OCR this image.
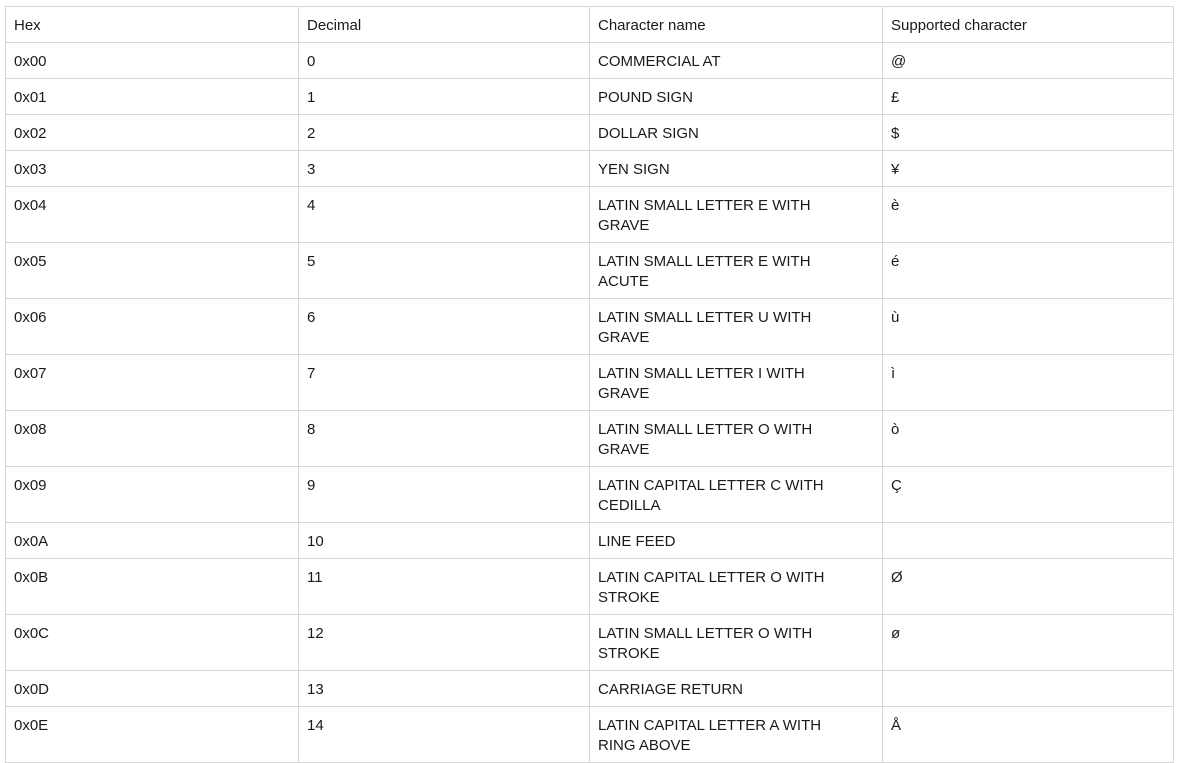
Hex	Decimal	Character name	Supported character
0x00	0	COMMERCIAL AT	@
0x01	1	POUND SIGN	£
0x02	2	DOLLAR SIGN	$
0x03	3	YEN SIGN	¥
0x04	4	LATIN SMALL LETTER E WITH GRAVE	è
0x05	5	LATIN SMALL LETTER E WITH ACUTE	é
0x06	6	LATIN SMALL LETTER U WITH GRAVE	ù
0x07	7	LATIN SMALL LETTER I WITH GRAVE	ì
0x08	8	LATIN SMALL LETTER O WITH GRAVE	ò
0x09	9	LATIN CAPITAL LETTER C WITH CEDILLA	Ç
0x0A	10	LINE FEED	
0x0B	11	LATIN CAPITAL LETTER O WITH STROKE	Ø
0x0C	12	LATIN SMALL LETTER O WITH STROKE	ø
0x0D	13	CARRIAGE RETURN	
0x0E	14	LATIN CAPITAL LETTER A WITH RING ABOVE	Å
